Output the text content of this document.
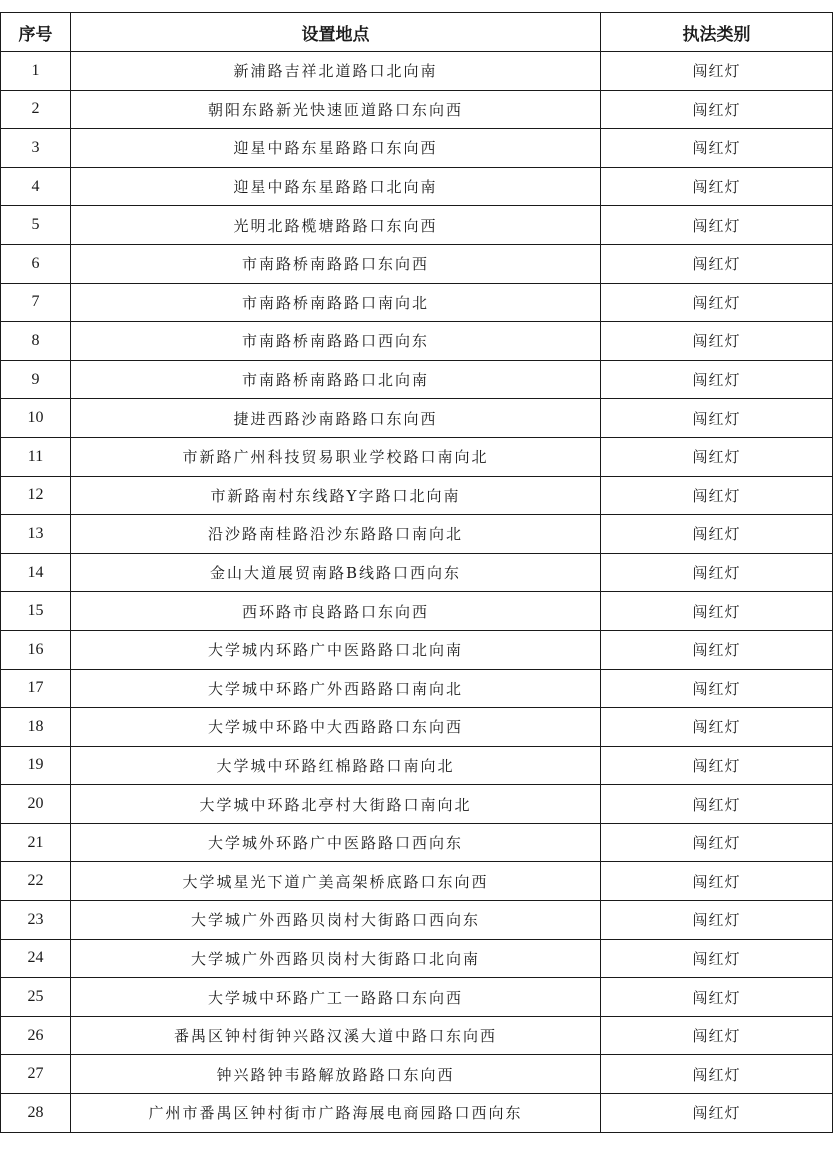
序号	设置地点	执法类别
1	新浦路吉祥北道路口北向南	闯红灯
2	朝阳东路新光快速匝道路口东向西	闯红灯
3	迎星中路东星路路口东向西	闯红灯
4	迎星中路东星路路口北向南	闯红灯
5	光明北路榄塘路路口东向西	闯红灯
6	市南路桥南路路口东向西	闯红灯
7	市南路桥南路路口南向北	闯红灯
8	市南路桥南路路口西向东	闯红灯
9	市南路桥南路路口北向南	闯红灯
10	捷进西路沙南路路口东向西	闯红灯
11	市新路广州科技贸易职业学校路口南向北	闯红灯
12	市新路南村东线路Y字路口北向南	闯红灯
13	沿沙路南桂路沿沙东路路口南向北	闯红灯
14	金山大道展贸南路B线路口西向东	闯红灯
15	西环路市良路路口东向西	闯红灯
16	大学城内环路广中医路路口北向南	闯红灯
17	大学城中环路广外西路路口南向北	闯红灯
18	大学城中环路中大西路路口东向西	闯红灯
19	大学城中环路红棉路路口南向北	闯红灯
20	大学城中环路北亭村大街路口南向北	闯红灯
21	大学城外环路广中医路路口西向东	闯红灯
22	大学城星光下道广美高架桥底路口东向西	闯红灯
23	大学城广外西路贝岗村大街路口西向东	闯红灯
24	大学城广外西路贝岗村大街路口北向南	闯红灯
25	大学城中环路广工一路路口东向西	闯红灯
26	番禺区钟村街钟兴路汉溪大道中路口东向西	闯红灯
27	钟兴路钟韦路解放路路口东向西	闯红灯
28	广州市番禺区钟村街市广路海展电商园路口西向东	闯红灯
